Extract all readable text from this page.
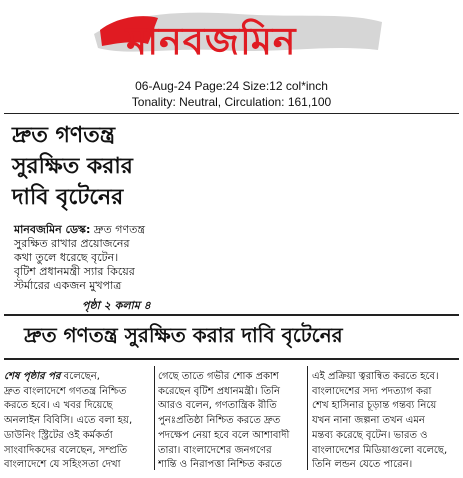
মানবজমিন
06-Aug-24 Page:24 Size:12 col*inch
Tonality: Neutral, Circulation: 161,100
দ্রুত গণতন্ত্র
সুরক্ষিত করার
দাবি বৃটেনের
মানবজমিন ডেস্ক: দ্রুত গণতন্ত্র
সুরক্ষিত রাখার প্রয়োজনের
কথা তুলে ধরেছে বৃটেন।
বৃটিশ প্রধানমন্ত্রী স্যার কিয়ের
স্টর্মারের একজন মুখপাত্র
পৃষ্ঠা ২ কলাম ৪
দ্রুত গণতন্ত্র সুরক্ষিত করার দাবি বৃটেনের
শেষ পৃষ্ঠার পর বলেছেন,
দ্রুত বাংলাদেশে গণতন্ত্র নিশ্চিত
করতে হবে। এ খবর দিয়েছে
অনলাইন বিবিসি। এতে বলা হয়,
ডাউনিং স্ট্রিটের ওই কর্মকর্তা
সাংবাদিকদের বলেছেন, সম্প্রতি
বাংলাদেশে যে সহিংসতা দেখা
গেছে তাতে গভীর শোক প্রকাশ
করেছেন বৃটিশ প্রধানমন্ত্রী। তিনি
আরও বলেন, গণতান্ত্রিক রীতি
পুনঃপ্রতিষ্ঠা নিশ্চিত করতে দ্রুত
পদক্ষেপ নেয়া হবে বলে আশাবাদী
তারা। বাংলাদেশের জনগণের
শান্তি ও নিরাপত্তা নিশ্চিত করতে
এই প্রক্রিয়া ত্বরান্বিত করতে হবে।
বাংলাদেশের সদ্য পদত্যাগ করা
শেখ হাসিনার চূড়ান্ত গন্তব্য নিয়ে
যখন নানা জল্পনা তখন এমন
মন্তব্য করেছে বৃটেন। ভারত ও
বাংলাদেশের মিডিয়াগুলো বলেছে,
তিনি লন্ডন যেতে পারেন।
